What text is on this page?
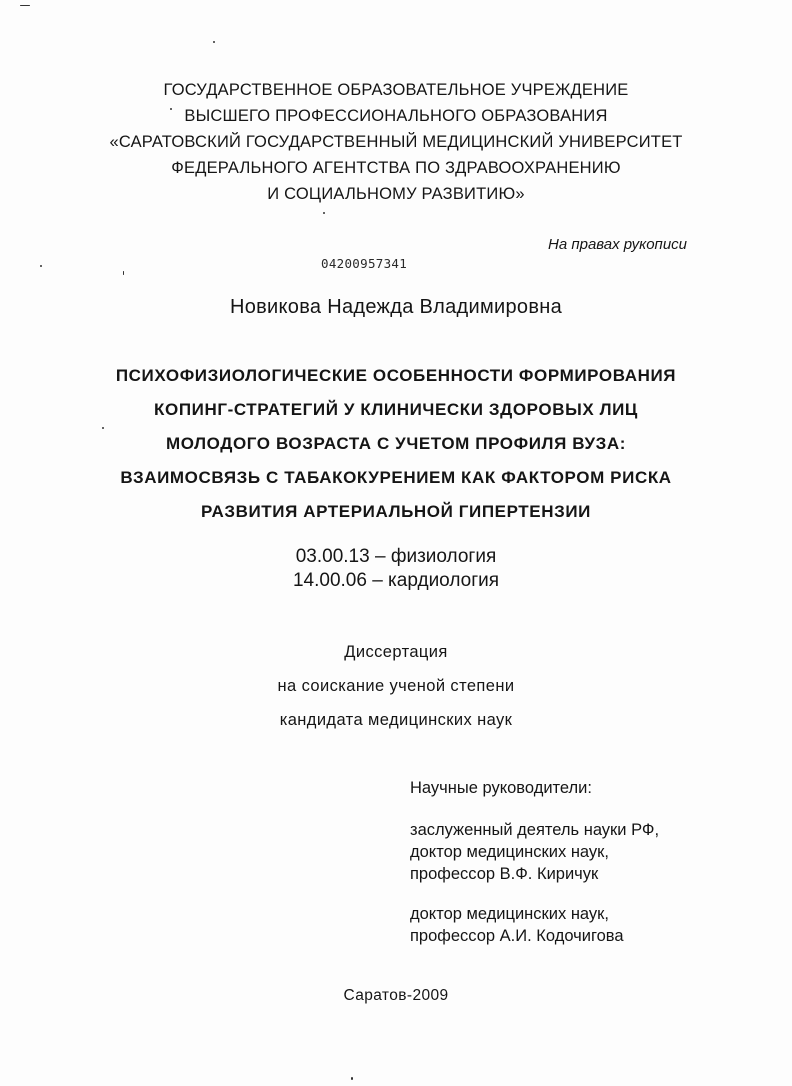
ГОСУДАРСТВЕННОЕ ОБРАЗОВАТЕЛЬНОЕ УЧРЕЖДЕНИЕ
ВЫСШЕГО ПРОФЕССИОНАЛЬНОГО ОБРАЗОВАНИЯ
«САРАТОВСКИЙ ГОСУДАРСТВЕННЫЙ МЕДИЦИНСКИЙ УНИВЕРСИТЕТ
ФЕДЕРАЛЬНОГО АГЕНТСТВА ПО ЗДРАВООХРАНЕНИЮ
И СОЦИАЛЬНОМУ РАЗВИТИЮ»
На правах рукописи
04200957341
Новикова Надежда Владимировна
ПСИХОФИЗИОЛОГИЧЕСКИЕ ОСОБЕННОСТИ ФОРМИРОВАНИЯ
КОПИНГ-СТРАТЕГИЙ У КЛИНИЧЕСКИ ЗДОРОВЫХ ЛИЦ
МОЛОДОГО ВОЗРАСТА С УЧЕТОМ ПРОФИЛЯ ВУЗА:
ВЗАИМОСВЯЗЬ С ТАБАКОКУРЕНИЕМ КАК ФАКТОРОМ РИСКА
РАЗВИТИЯ АРТЕРИАЛЬНОЙ ГИПЕРТЕНЗИИ
03.00.13 – физиология
14.00.06 – кардиология
Диссертация
на соискание ученой степени
кандидата медицинских наук
Научные руководители:
заслуженный деятель науки РФ,
доктор медицинских наук,
профессор В.Ф. Киричук
доктор медицинских наук,
профессор А.И. Кодочигова
Саратов-2009
